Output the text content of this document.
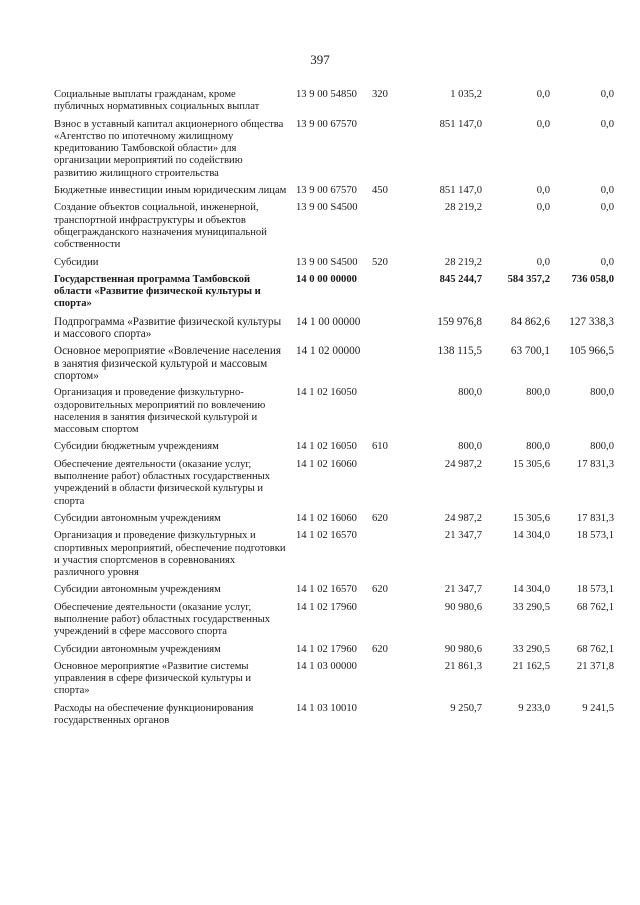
397
Социальные выплаты гражданам, кроме публичных нормативных социальных выплат	13 9 00 54850	320	1 035,2	0,0	0,0
Взнос в уставный капитал акционерного общества «Агентство по ипотечному жилищному кредитованию Тамбовской области» для организации мероприятий по содействию развитию жилищного строительства	13 9 00 67570		851 147,0	0,0	0,0
Бюджетные инвестиции иным юридическим лицам	13 9 00 67570	450	851 147,0	0,0	0,0
Создание объектов социальной, инженерной, транспортной инфраструктуры и объектов общегражданского назначения муниципальной собственности	13 9 00 S4500		28 219,2	0,0	0,0
Субсидии	13 9 00 S4500	520	28 219,2	0,0	0,0
Государственная программа Тамбовской области «Развитие физической культуры и спорта»	14 0 00 00000		845 244,7	584 357,2	736 058,0
Подпрограмма «Развитие физической культуры и массового спорта»	14 1 00 00000		159 976,8	84 862,6	127 338,3
Основное мероприятие «Вовлечение населения в занятия физической культурой и массовым спортом»	14 1 02 00000		138 115,5	63 700,1	105 966,5
Организация и проведение физкультурно-оздоровительных мероприятий по вовлечению населения в занятия физической культурой и массовым спортом	14 1 02 16050		800,0	800,0	800,0
Субсидии бюджетным учреждениям	14 1 02 16050	610	800,0	800,0	800,0
Обеспечение деятельности (оказание услуг, выполнение работ) областных государственных учреждений в области физической культуры и спорта	14 1 02 16060		24 987,2	15 305,6	17 831,3
Субсидии автономным учреждениям	14 1 02 16060	620	24 987,2	15 305,6	17 831,3
Организация и проведение физкультурных и спортивных мероприятий, обеспечение подготовки и участия спортсменов в соревнованиях различного уровня	14 1 02 16570		21 347,7	14 304,0	18 573,1
Субсидии автономным учреждениям	14 1 02 16570	620	21 347,7	14 304,0	18 573,1
Обеспечение деятельности (оказание услуг, выполнение работ) областных государственных учреждений в сфере массового спорта	14 1 02 17960		90 980,6	33 290,5	68 762,1
Субсидии автономным учреждениям	14 1 02 17960	620	90 980,6	33 290,5	68 762,1
Основное мероприятие «Развитие системы управления в сфере физической культуры и спорта»	14 1 03 00000		21 861,3	21 162,5	21 371,8
Расходы на обеспечение функционирования государственных органов	14 1 03 10010		9 250,7	9 233,0	9 241,5
